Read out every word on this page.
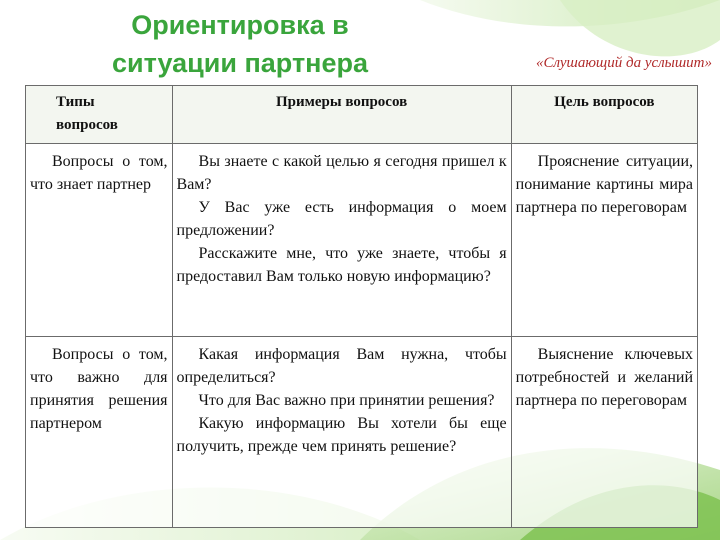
Ориентировка в
ситуации партнера	«Слушающий да услышит»
Типы
вопросов	Примеры вопросов	Цель вопросов

Вопросы о том, что знает партнер	Вы знаете с какой целью я сегодня пришел к Вам?

У Вас уже есть информация о моем предложении?

Расскажите мне, что уже знаете, чтобы я предоставил Вам только новую информацию?	Прояснение ситуации, понимание картины мира партнера по переговорам

Вопросы о том, что важно для принятия решения партнером	Какая информация Вам нужна, чтобы определиться?

Что для Вас важно при принятии решения?

Какую информацию Вы хотели бы еще получить, прежде чем принять решение?	Выяснение ключевых потребностей и желаний партнера по переговорам
